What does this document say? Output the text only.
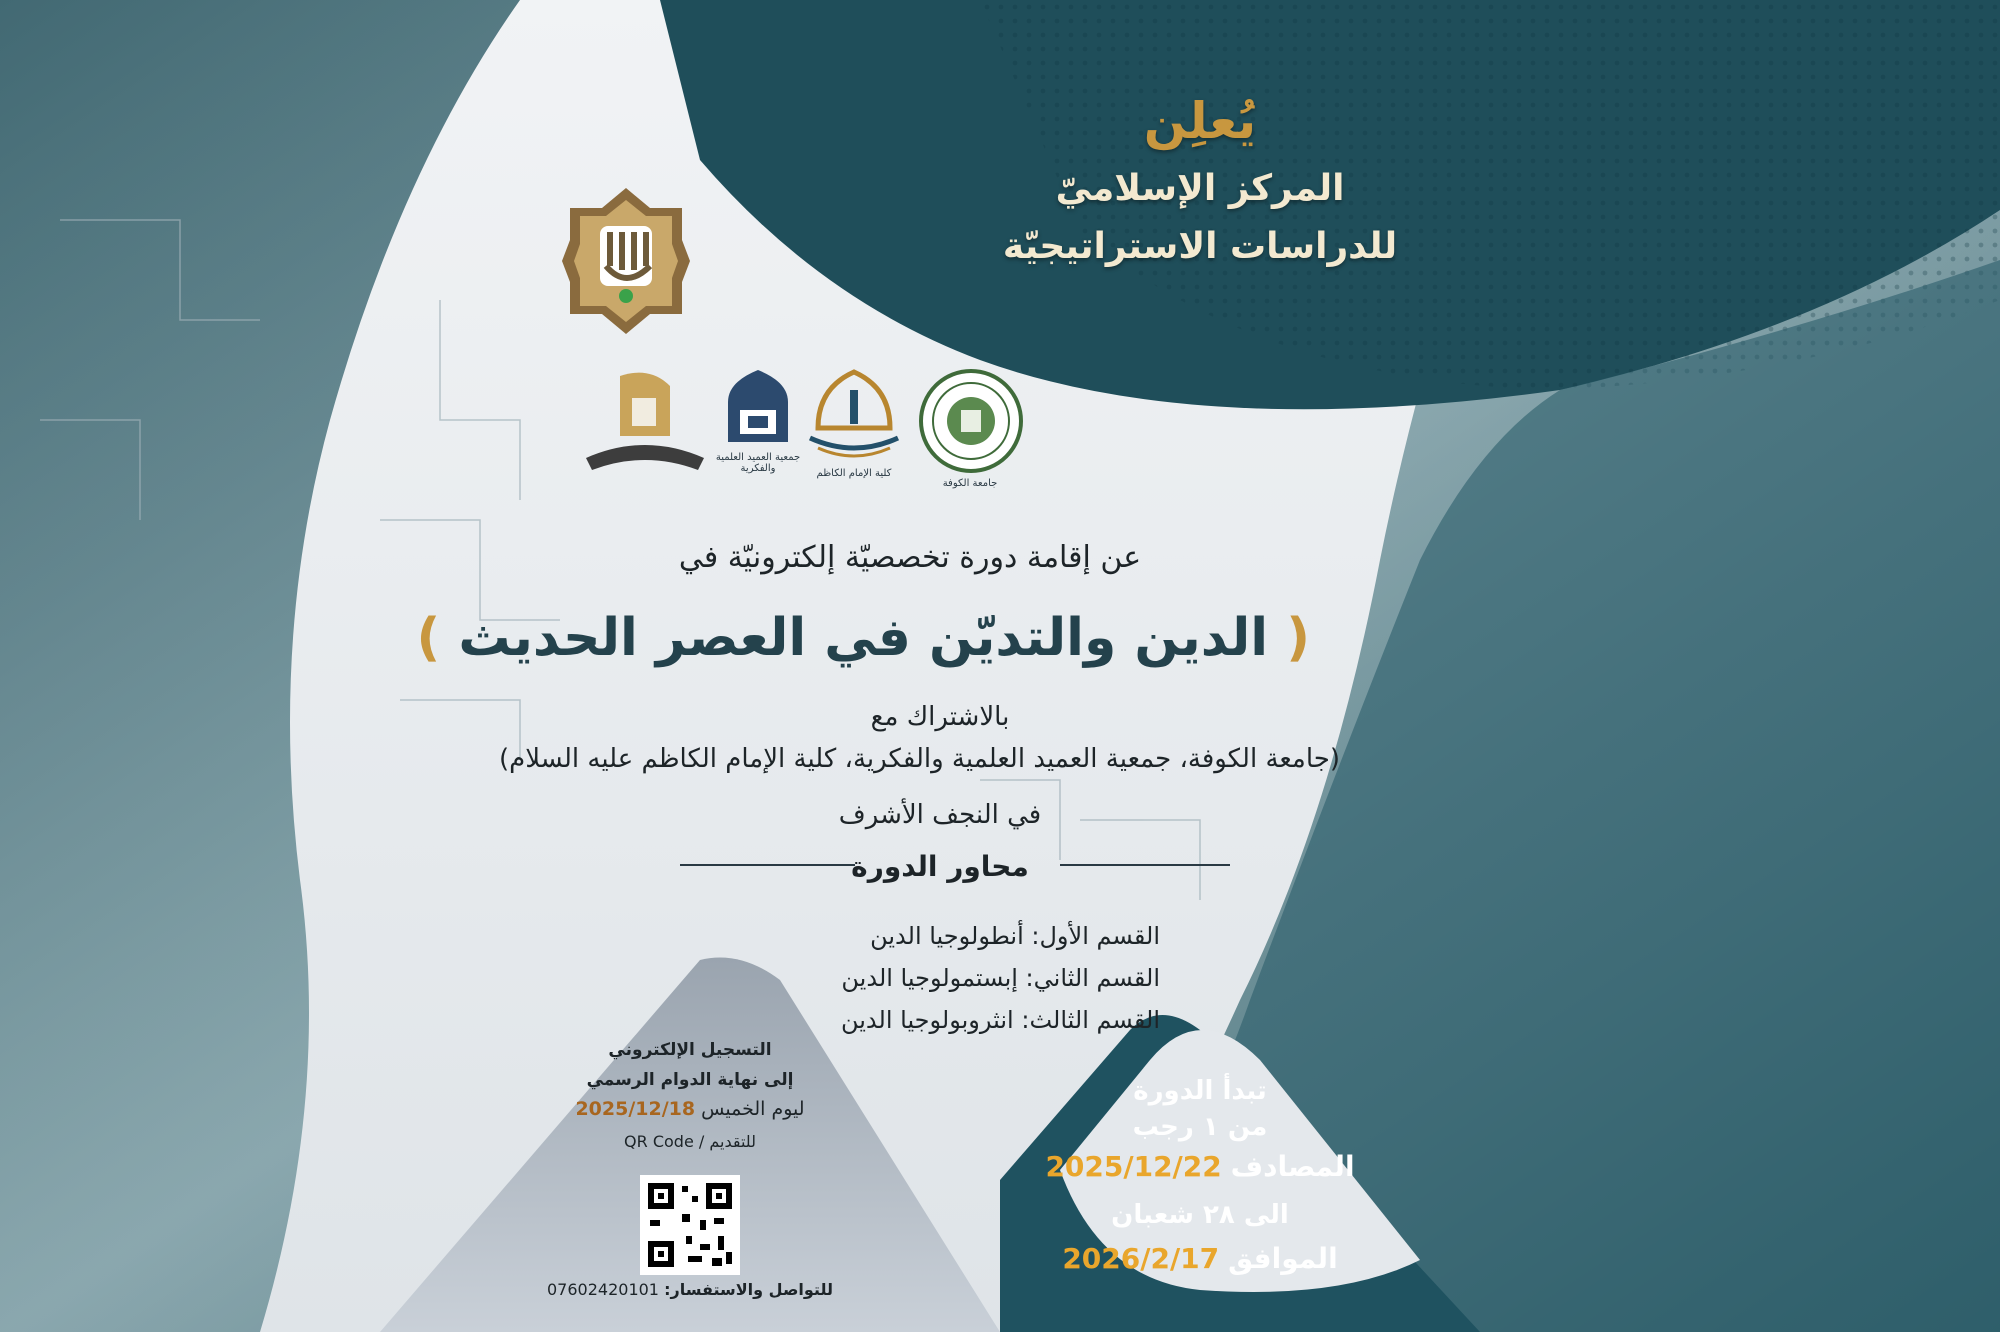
يُعلِن
المركز الإسلاميّ
للدراسات الاستراتيجيّة
جامعة الكوفة
كلية الإمام الكاظم
جمعية العميد العلمية والفكرية
عن إقامة دورة تخصصيّة إلكترونيّة في
( الدين والتديّن في العصر الحديث )
بالاشتراك مع
(جامعة الكوفة، جمعية العميد العلمية والفكرية، كلية الإمام الكاظم عليه السلام)
في النجف الأشرف
محاور الدورة
القسم الأول: أنطولوجيا الدين
القسم الثاني: إبستمولوجيا الدين
القسم الثالث: انثروبولوجيا الدين
التسجيل الإلكتروني
إلى نهاية الدوام الرسمي
ليوم الخميس 2025/12/18
للتقديم / QR Code
للتواصل والاستفسار: 07602420101
تبدأ الدورة
من ١ رجب
المصادف 2025/12/22
الى ٢٨ شعبان
الموافق 2026/2/17
